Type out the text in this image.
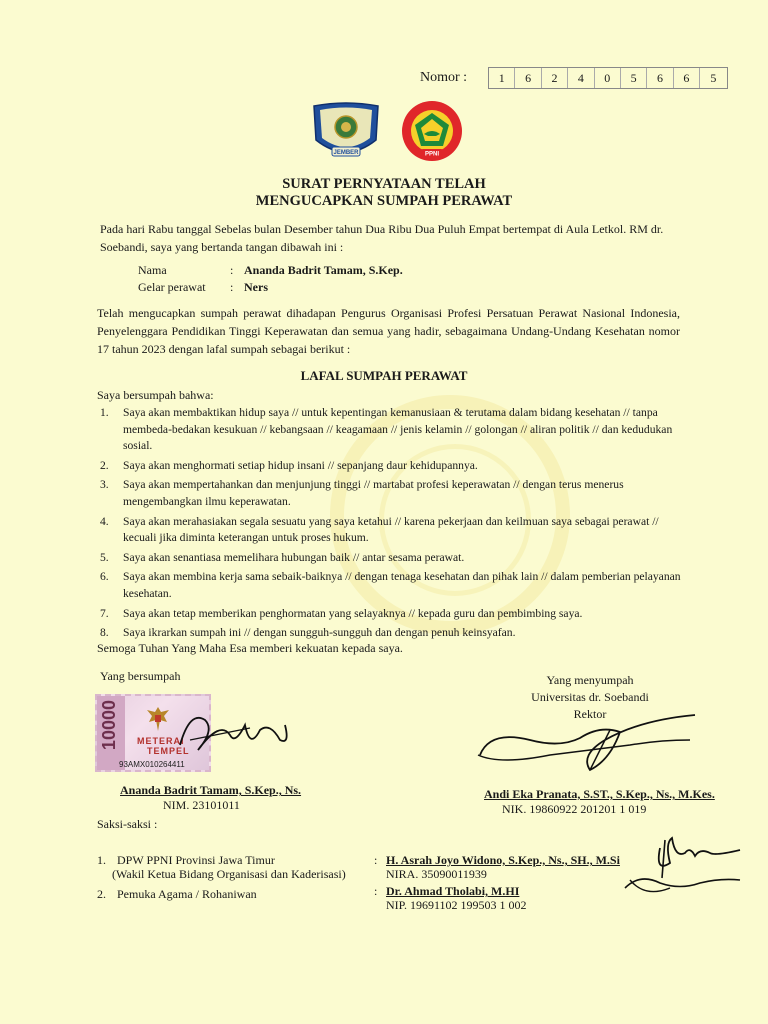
Nomor :	1	6	2	4	0	5	6	6	5
JEMBER	PPNI
SURAT PERNYATAAN TELAH
MENGUCAPKAN SUMPAH PERAWAT

Pada hari Rabu tanggal Sebelas bulan Desember tahun Dua Ribu Dua Puluh Empat bertempat di Aula Letkol. RM dr. Soebandi, saya yang bertanda tangan dibawah ini :

Nama	: Ananda Badrit Tamam, S.Kep.
Gelar perawat	: Ners

Telah mengucapkan sumpah perawat dihadapan Pengurus Organisasi Profesi Persatuan Perawat Nasional Indonesia, Penyelenggara Pendidikan Tinggi Keperawatan dan semua yang hadir, sebagaimana Undang-Undang Kesehatan nomor 17 tahun 2023 dengan lafal sumpah sebagai berikut :

LAFAL SUMPAH PERAWAT
Saya bersumpah bahwa:
1.	Saya akan membaktikan hidup saya // untuk kepentingan kemanusiaan & terutama dalam bidang kesehatan // tanpa membeda-bedakan kesukuan // kebangsaan // keagamaan // jenis kelamin // golongan // aliran politik // dan kedudukan sosial.
2.	Saya akan menghormati setiap hidup insani // sepanjang daur kehidupannya.
3.	Saya akan mempertahankan dan menjunjung tinggi // martabat profesi keperawatan // dengan terus menerus mengembangkan ilmu keperawatan.
4.	Saya akan merahasiakan segala sesuatu yang saya ketahui // karena pekerjaan dan keilmuan saya sebagai perawat // kecuali jika diminta keterangan untuk proses hukum.
5.	Saya akan senantiasa memelihara hubungan baik // antar sesama perawat.
6.	Saya akan membina kerja sama sebaik-baiknya // dengan tenaga kesehatan dan pihak lain // dalam pemberian pelayanan kesehatan.
7.	Saya akan tetap memberikan penghormatan yang selayaknya // kepada guru dan pembimbing saya.
8.	Saya ikrarkan sumpah ini // dengan sungguh-sungguh dan dengan penuh keinsyafan.
Semoga Tuhan Yang Maha Esa memberi kekuatan kepada saya.
Yang bersumpah	Yang menyumpah
Universitas dr. Soebandi
Rektor
10000 METERAI
TEMPEL
93AMX010264411
Ananda Badrit Tamam, S.Kep., Ns.
NIM. 23101011
Andi Eka Pranata, S.ST., S.Kep., Ns., M.Kes.
NIK. 19860922 201201 1 019
Saksi-saksi :
1. DPW PPNI Provinsi Jawa Timur
(Wakil Ketua Bidang Organisasi dan Kaderisasi)
: H. Asrah Joyo Widono, S.Kep., Ns., SH., M.Si
NIRA. 35090011939
2. Pemuka Agama / Rohaniwan	: Dr. Ahmad Tholabi, M.HI
NIP. 19691102 199503 1 002
